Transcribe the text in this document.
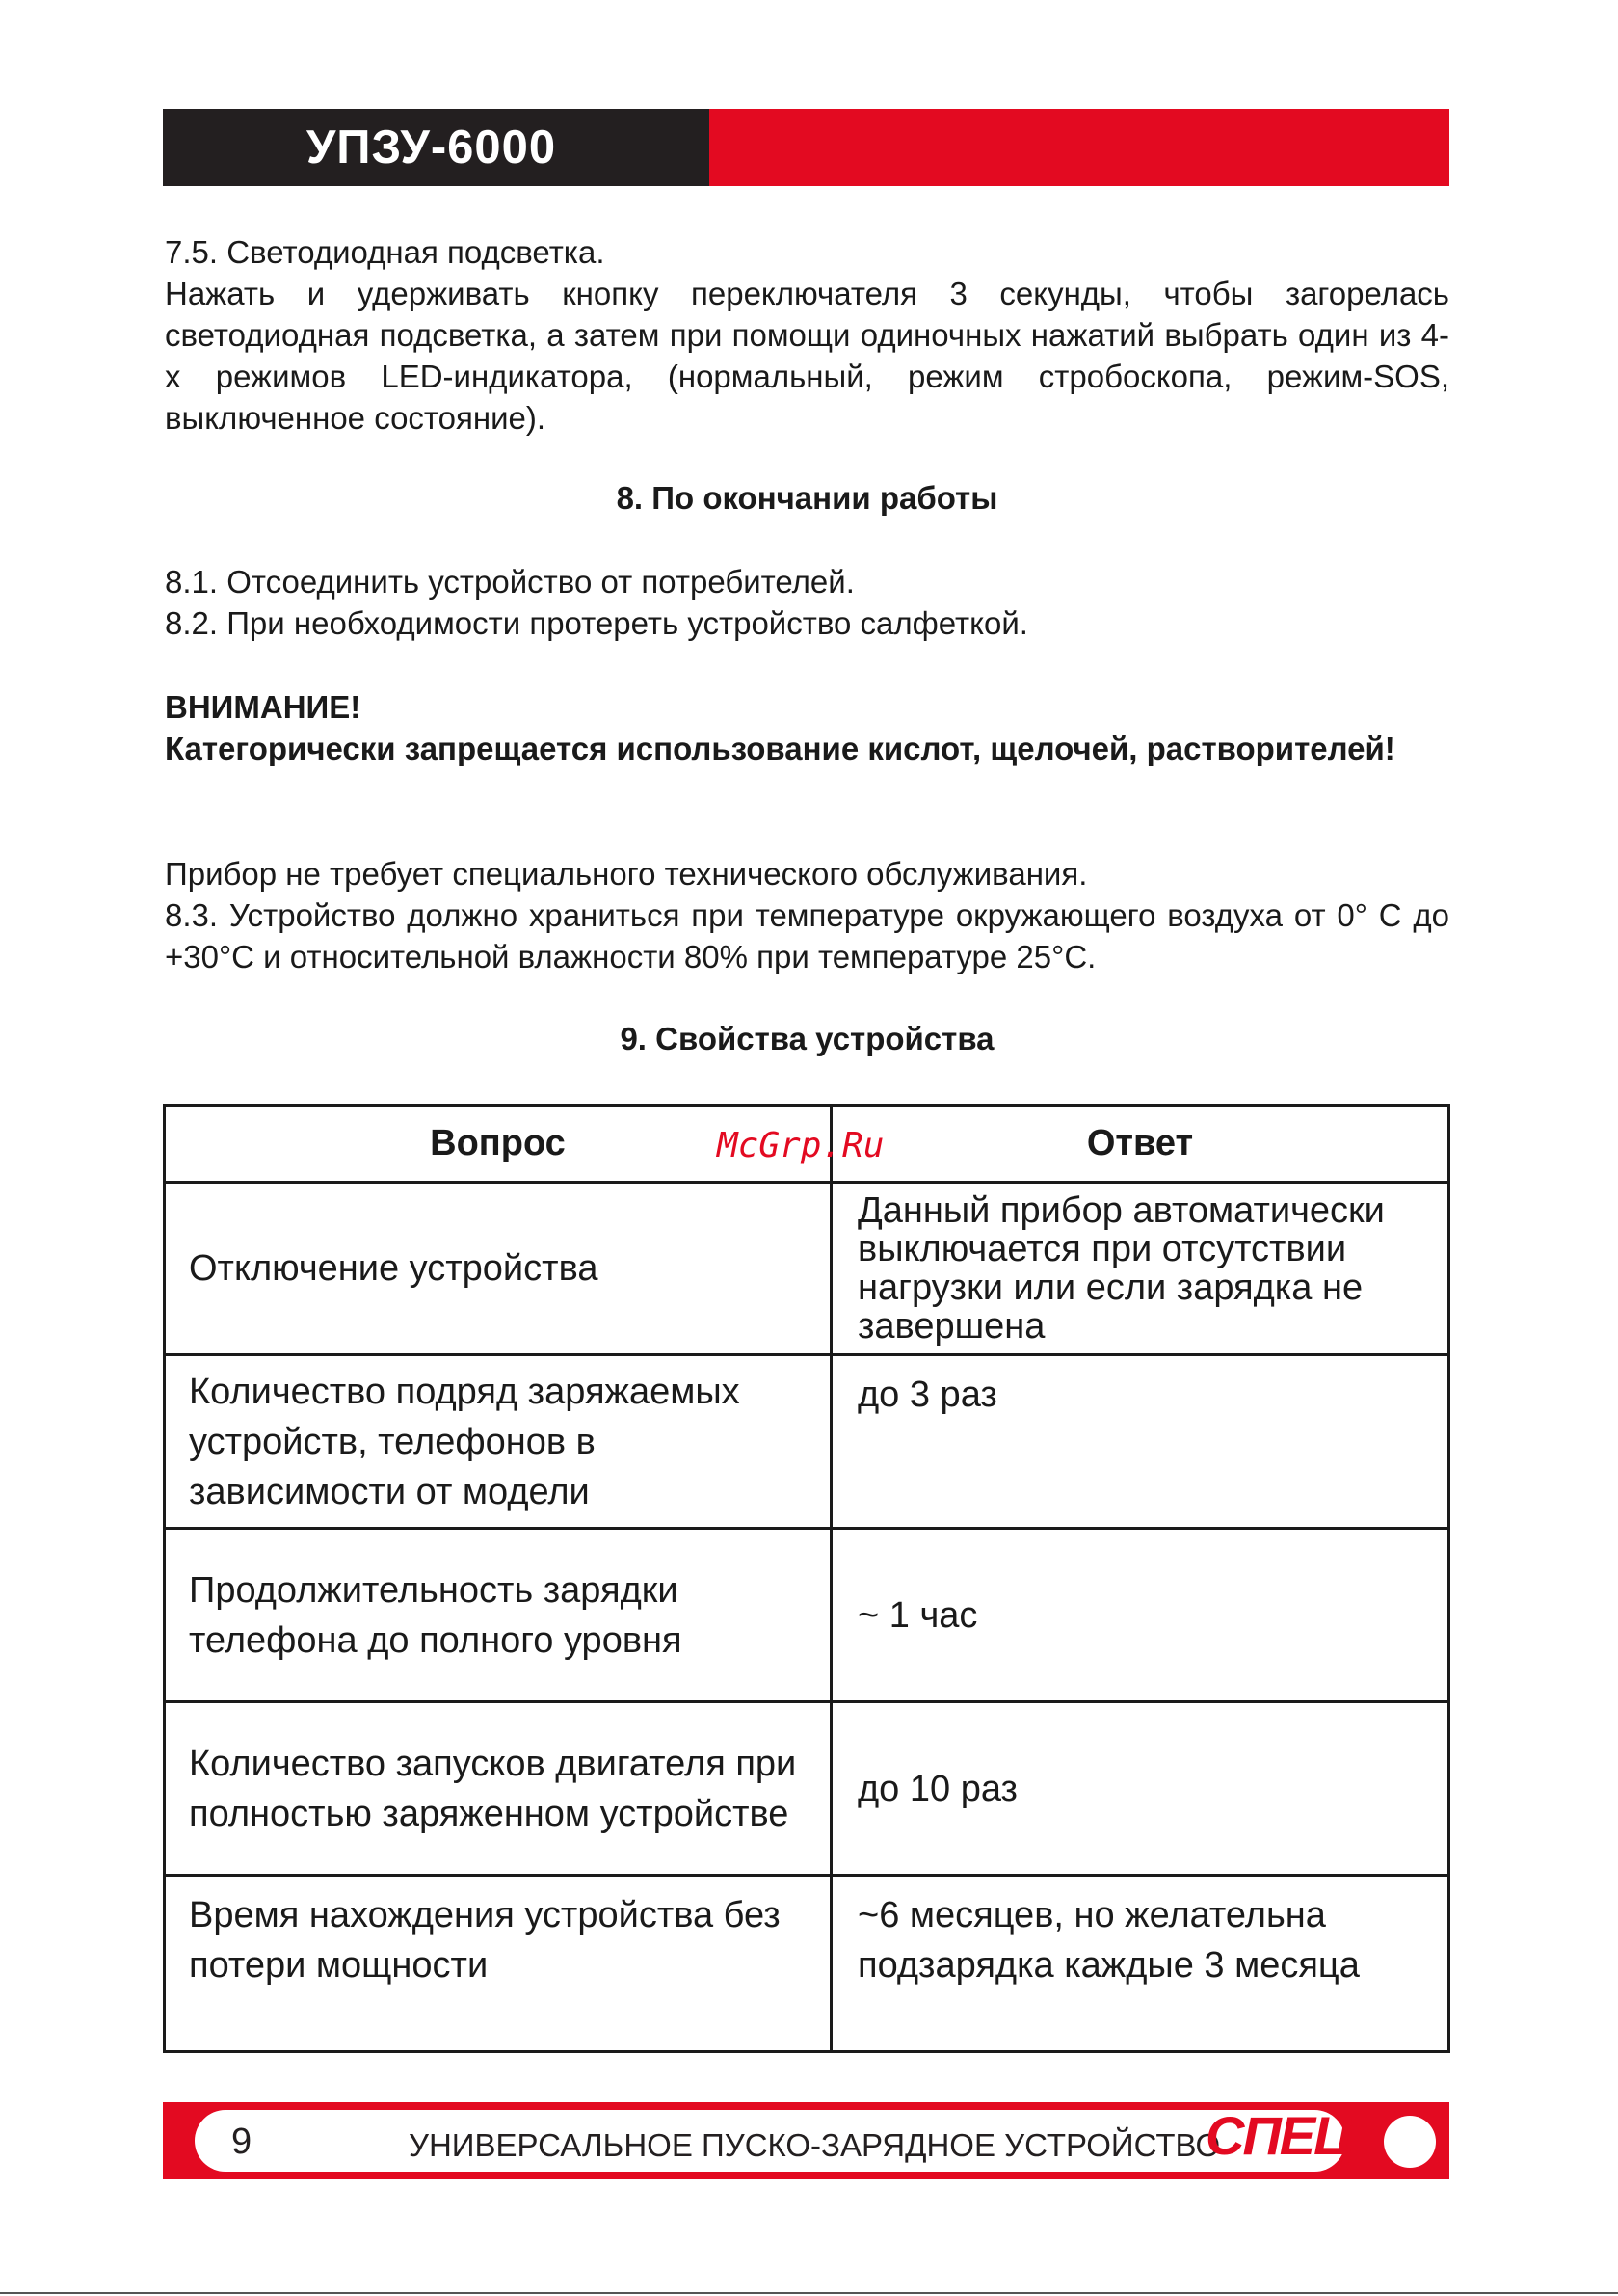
УПЗУ-6000

7.5. Светодиодная подсветка.

Нажать и удерживать кнопку переключателя 3 секунды, чтобы загорелась светодиодная подсветка, а затем при помощи одиночных нажатий выбрать один из 4-х режимов LED-индикатора, (нормальный, режим стробоскопа, режим-SOS, выключенное состояние).

8. По окончании работы

8.1. Отсоединить устройство от потребителей.

8.2. При необходимости протереть устройство салфеткой.

ВНИМАНИЕ!

Категорически запрещается использование кислот, щелочей, растворителей!

Прибор не требует специального технического обслуживания.

8.3. Устройство должно храниться при температуре окружающего воздуха от 0° С до +30°С и относительной влажности 80% при температуре 25°С.

9. Свойства устройства

Вопрос	Ответ
Отключение устройства	Данный прибор автоматически выключается при отсутствии нагрузки или если зарядка не завершена
Количество подряд заряжаемых устройств, телефонов в зависимости от модели	до 3 раз
Продолжительность зарядки телефона до полного уровня	~ 1 час
Количество запусков двигателя при полностью заряженном устройстве	до 10 раз
Время нахождения устройства без потери мощности	~6 месяцев, но желательна подзарядка каждые 3 месяца
McGrp.Ru
9	УНИВЕРСАЛЬНОЕ ПУСКО-ЗАРЯДНОЕ УСТРОЙСТВО
СПЕЦ
